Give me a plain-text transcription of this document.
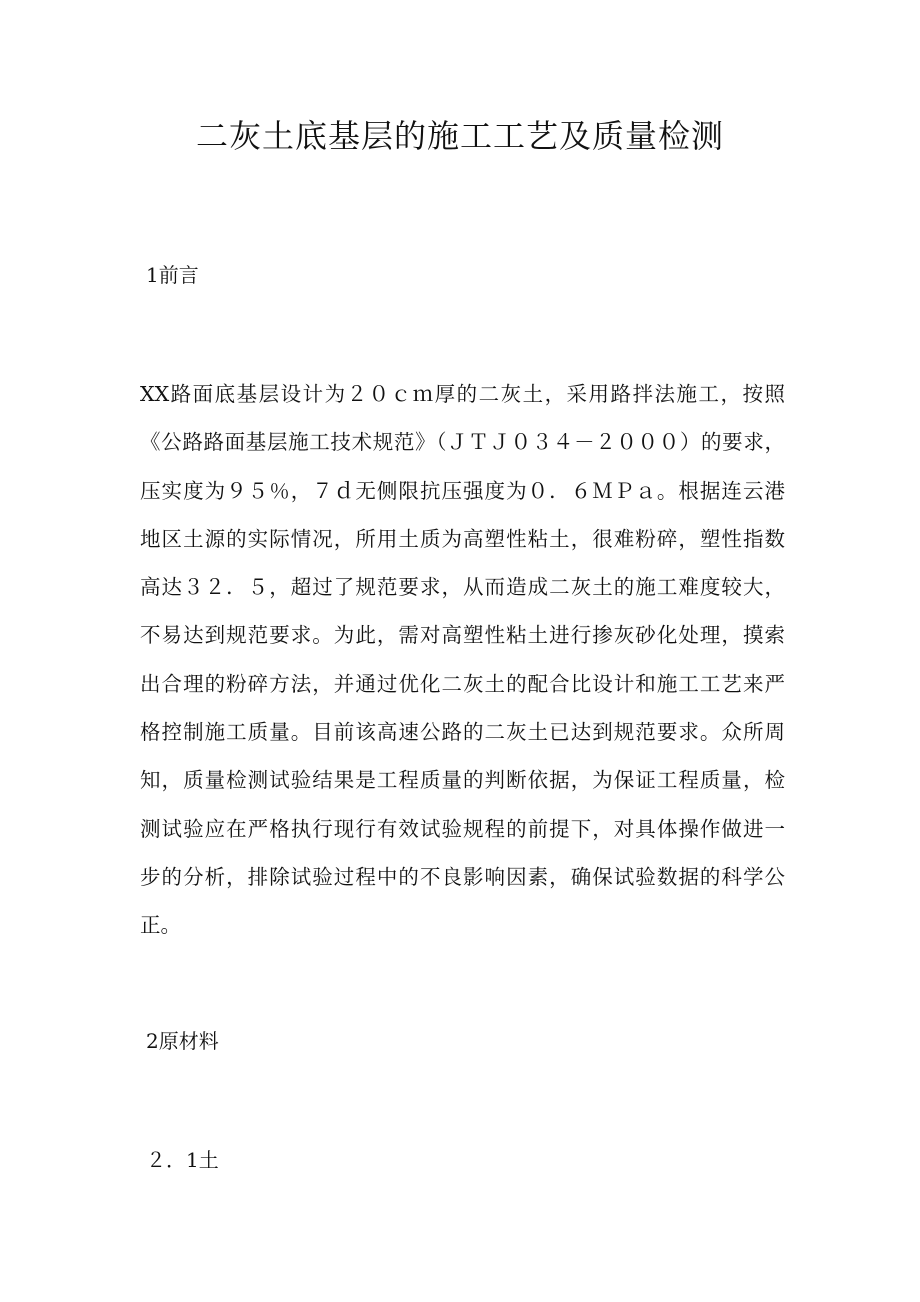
二灰土底基层的施工工艺及质量检测
1前言
XX路面底基层设计为２０ｃｍ厚的二灰土，采用路拌法施工，按照
《公路路面基层施工技术规范》（ＪＴＪ０３４－２０００）的要求，
压实度为９５％，７ｄ无侧限抗压强度为０．６ＭＰａ。根据连云港
地区土源的实际情况，所用土质为高塑性粘土，很难粉碎，塑性指数
高达３２．５，超过了规范要求，从而造成二灰土的施工难度较大，
不易达到规范要求。为此，需对高塑性粘土进行掺灰砂化处理，摸索
出合理的粉碎方法，并通过优化二灰土的配合比设计和施工工艺来严
格控制施工质量。目前该高速公路的二灰土已达到规范要求。众所周
知，质量检测试验结果是工程质量的判断依据，为保证工程质量，检
测试验应在严格执行现行有效试验规程的前提下，对具体操作做进一
步的分析，排除试验过程中的不良影响因素，确保试验数据的科学公
正。
2原材料
２．1土
